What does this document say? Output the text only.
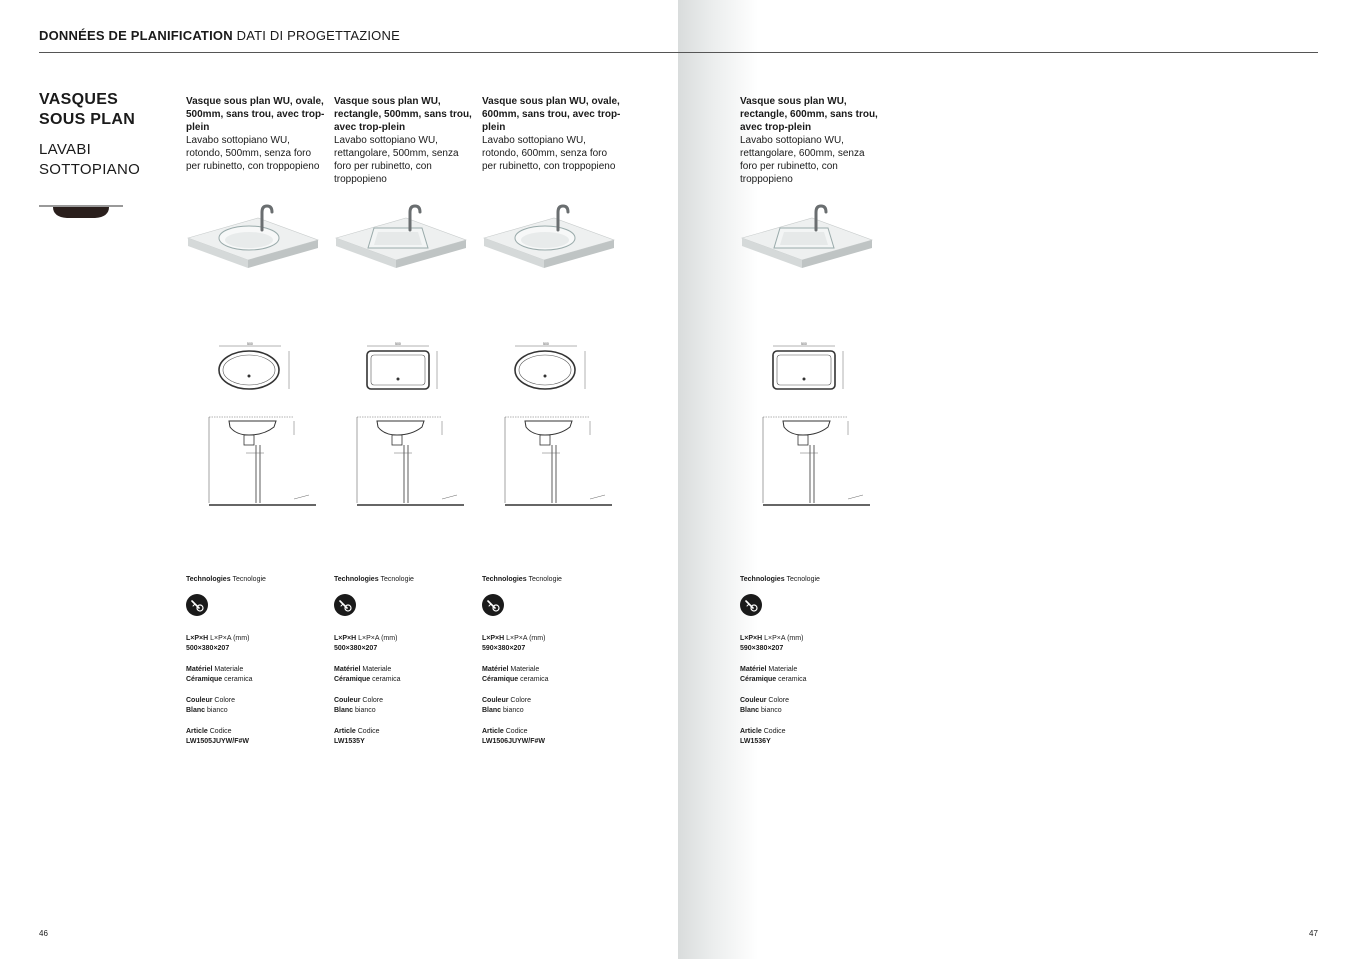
DONNÉES DE PLANIFICATION DATI DI PROGETTAZIONE
VASQUES SOUS PLAN
LAVABI SOTTOPIANO
46	47
Vasque sous plan WU, ovale, 500mm, sans trou, avec trop-plein
Lavabo sottopiano WU, rotondo, 500mm, senza foro per rubinetto, con troppopieno
500
Technologies Tecnologie
L×P×H L×P×A (mm)
500×380×207
Matériel Materiale
Céramique ceramica
Couleur Colore
Blanc bianco
Article Codice
LW1505JUYW/F#W
Vasque sous plan WU, rectangle, 500mm, sans trou, avec trop-plein
Lavabo sottopiano WU, rettangolare, 500mm, senza foro per rubinetto, con troppopieno
500
Technologies Tecnologie
L×P×H L×P×A (mm)
500×380×207
Matériel Materiale
Céramique ceramica
Couleur Colore
Blanc bianco
Article Codice
LW1535Y
Vasque sous plan WU, ovale, 600mm, sans trou, avec trop-plein
Lavabo sottopiano WU, rotondo, 600mm, senza foro per rubinetto, con troppopieno
500
Technologies Tecnologie
L×P×H L×P×A (mm)
590×380×207
Matériel Materiale
Céramique ceramica
Couleur Colore
Blanc bianco
Article Codice
LW1506JUYW/F#W
Vasque sous plan WU, rectangle, 600mm, sans trou, avec trop-plein
Lavabo sottopiano WU, rettangolare, 600mm, senza foro per rubinetto, con troppopieno
500
Technologies Tecnologie
L×P×H L×P×A (mm)
590×380×207
Matériel Materiale
Céramique ceramica
Couleur Colore
Blanc bianco
Article Codice
LW1536Y
